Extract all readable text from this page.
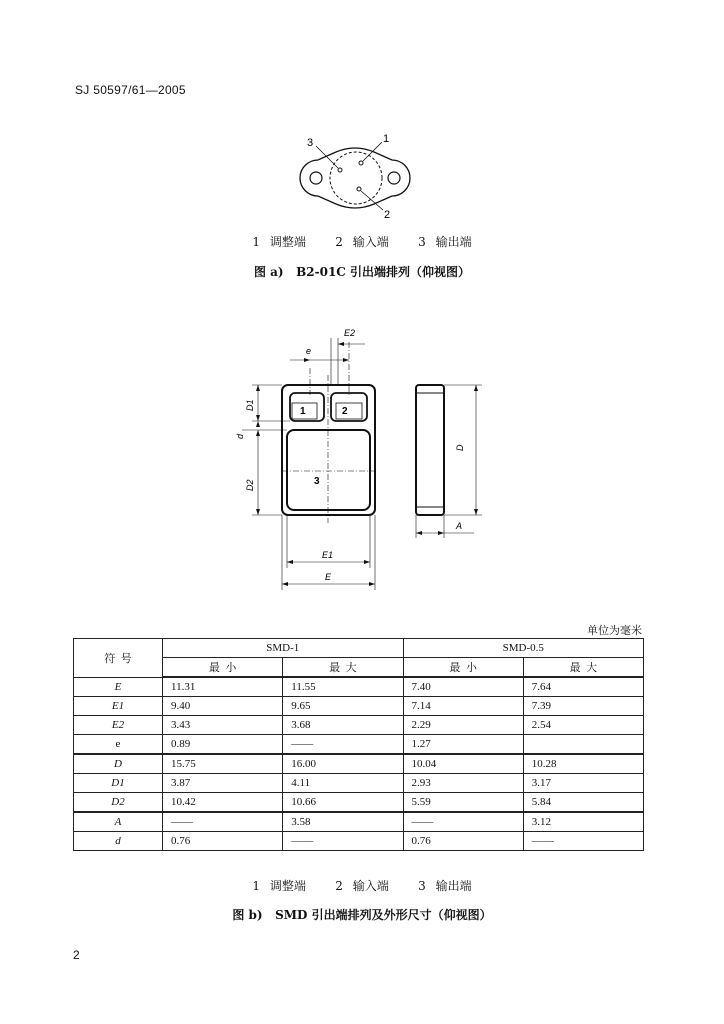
SJ 50597/61—2005
1
2
3
1 调整端   2 输入端   3 输出端
图 a)   B2-01C 引出端排列（仰视图）
1	2
3
E2
e
D1
d
D2
E1
E
D
A
单位为毫米
符  号	SMD-1		SMD-0.5	
	最  小	最  大	最  小	最  大
E	11.31	11.55	7.40	7.64
E1	9.40	9.65	7.14	7.39
E2	3.43	3.68	2.29	2.54
e	0.89	——	1.27	
D	15.75	16.00	10.04	10.28
D1	3.87	4.11	2.93	3.17
D2	10.42	10.66	5.59	5.84
A	——	3.58	——	3.12
d	0.76	——	0.76	——
1 调整端   2 输入端   3 输出端
图 b)   SMD 引出端排列及外形尺寸（仰视图）
2
